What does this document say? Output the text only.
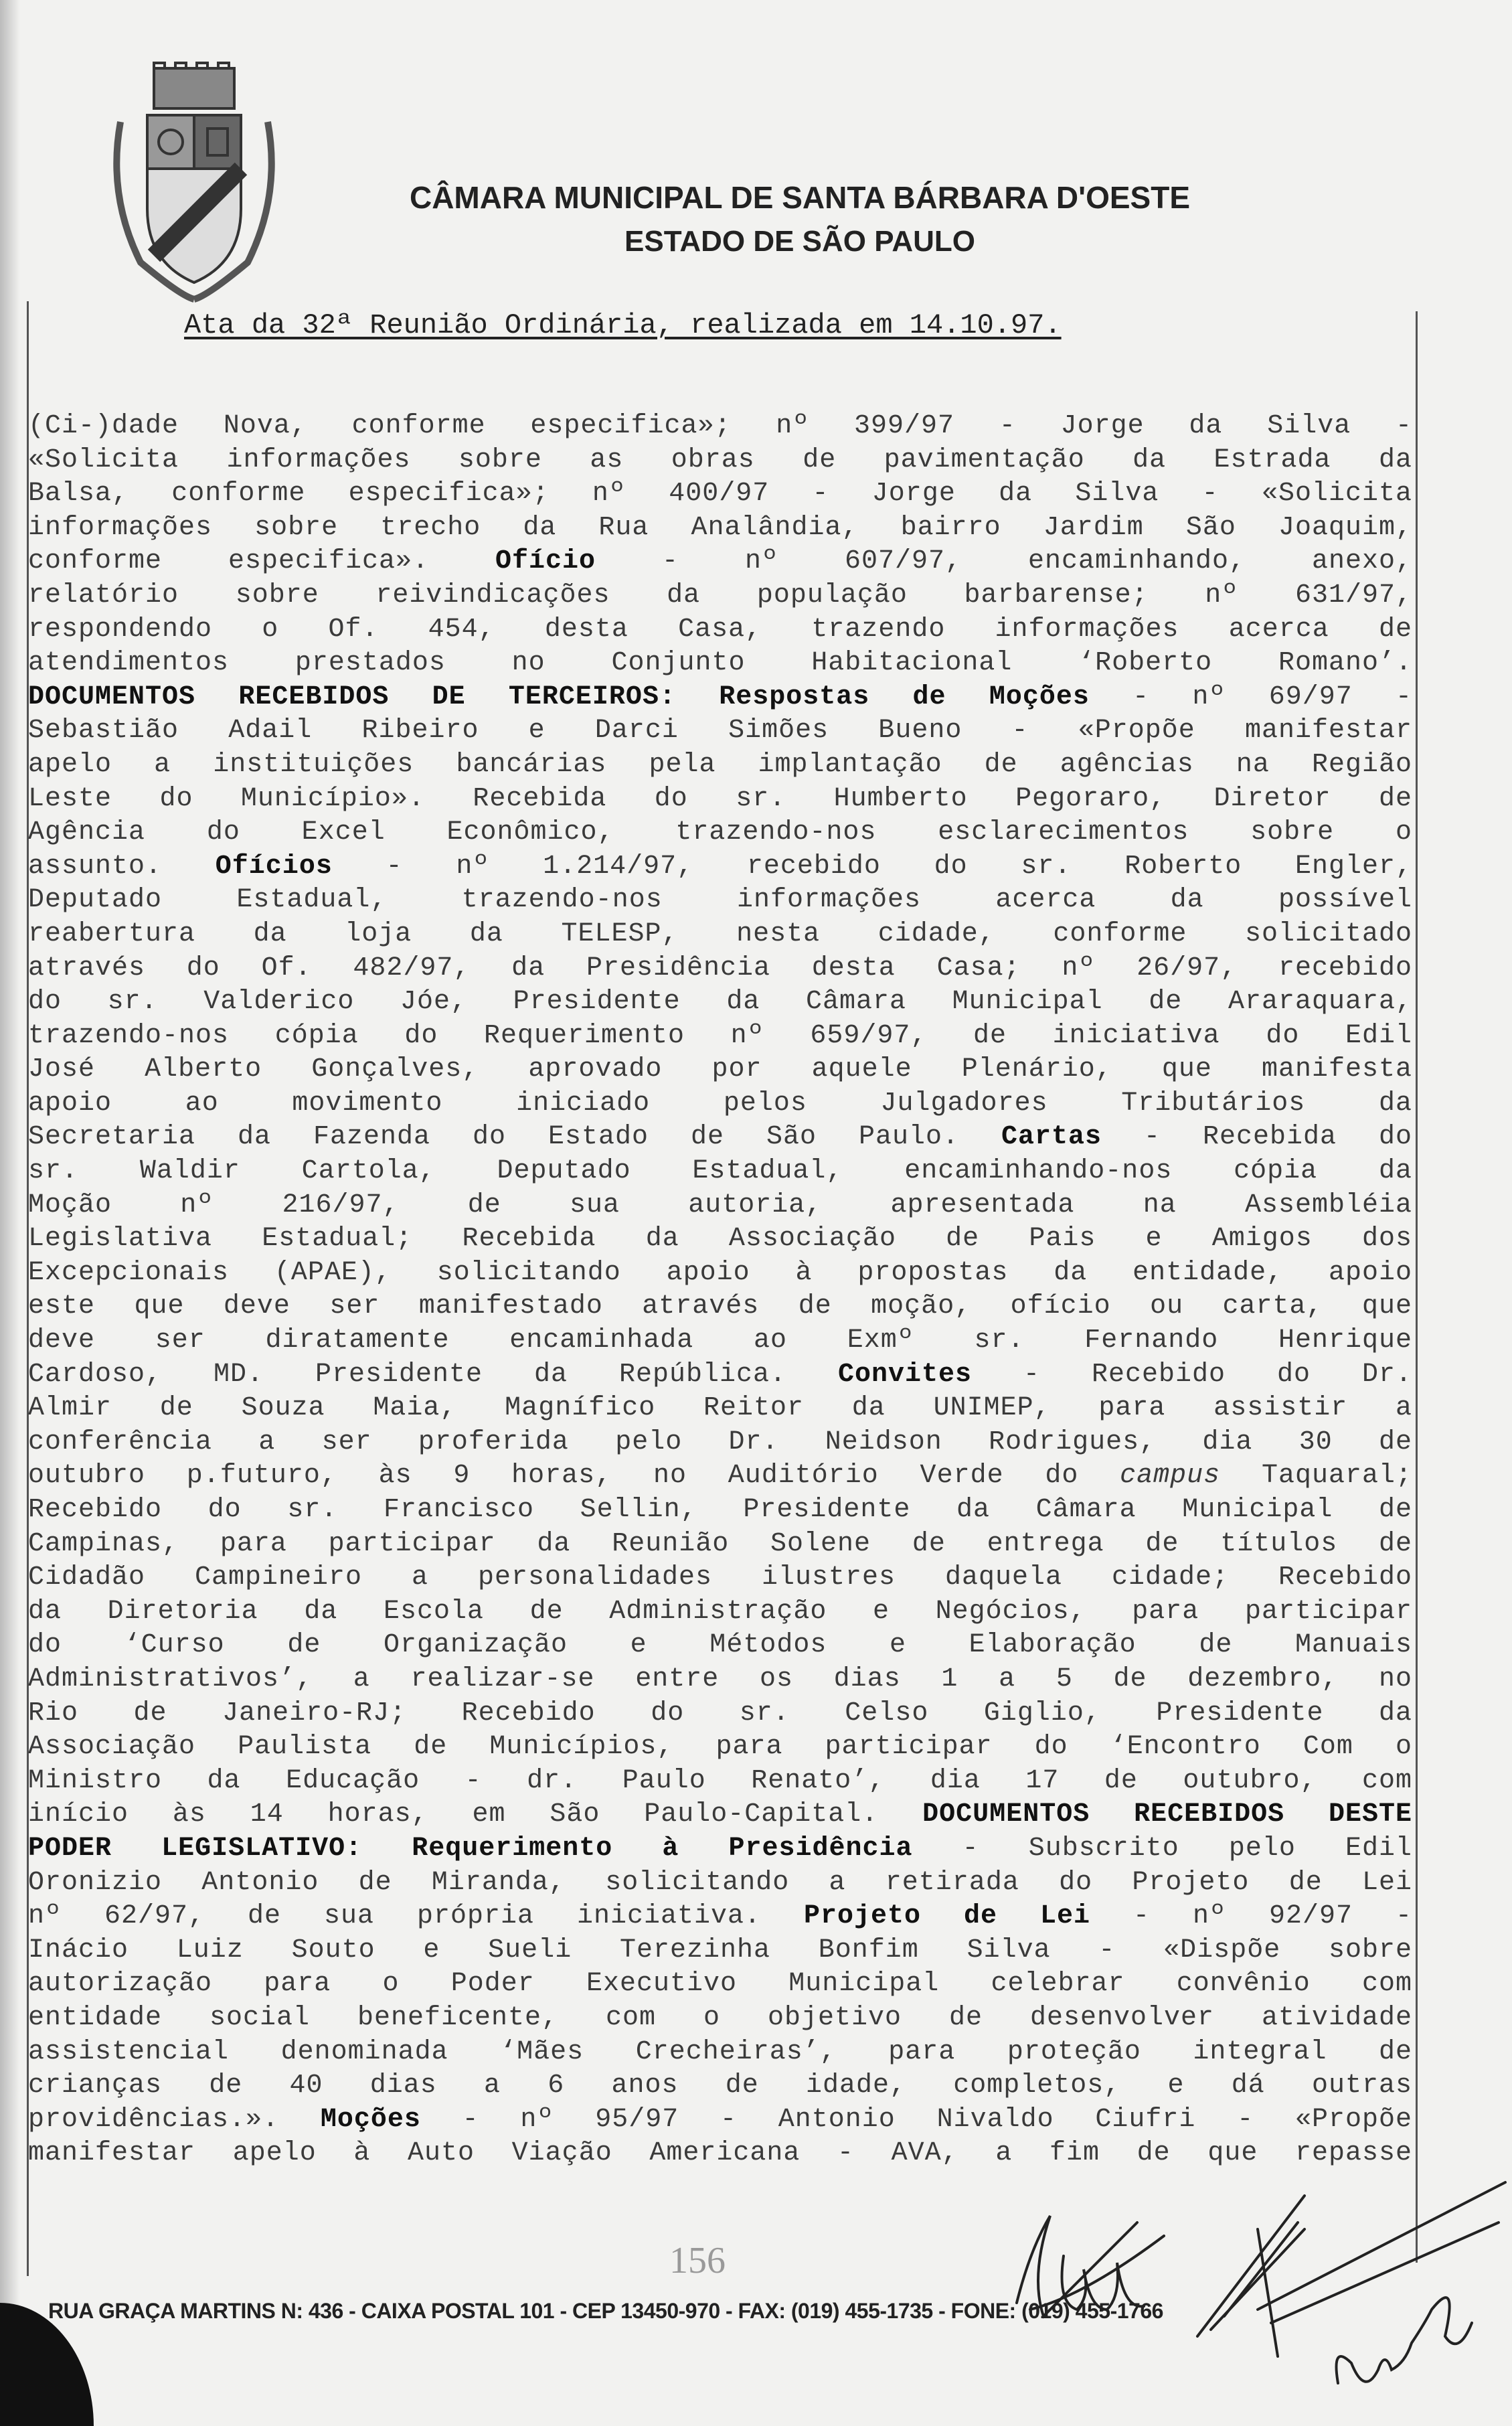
CÂMARA MUNICIPAL DE SANTA BÁRBARA D'OESTE
ESTADO DE SÃO PAULO
Ata da 32ª Reunião Ordinária, realizada em 14.10.97.
(Ci-)dade Nova, conforme especifica»; nº 399/97 - Jorge da Silva -
«Solicita informações sobre as obras de pavimentação da Estrada da
Balsa, conforme especifica»; nº 400/97 - Jorge da Silva - «Solicita
informações sobre trecho da Rua Analândia, bairro Jardim São Joaquim,
conforme especifica». Ofício - nº 607/97, encaminhando, anexo,
relatório sobre reivindicações da população barbarense; nº 631/97,
respondendo o Of. 454, desta Casa, trazendo informações acerca de
atendimentos prestados no Conjunto Habitacional ‘Roberto Romano’.
DOCUMENTOS RECEBIDOS DE TERCEIROS: Respostas de Moções - nº 69/97 -
Sebastião Adail Ribeiro e Darci Simões Bueno - «Propõe manifestar
apelo a instituições bancárias pela implantação de agências na Região
Leste do Município». Recebida do sr. Humberto Pegoraro, Diretor de
Agência do Excel Econômico, trazendo-nos esclarecimentos sobre o
assunto. Ofícios - nº 1.214/97, recebido do sr. Roberto Engler,
Deputado Estadual, trazendo-nos informações acerca da possível
reabertura da loja da TELESP, nesta cidade, conforme solicitado
através do Of. 482/97, da Presidência desta Casa; nº 26/97, recebido
do sr. Valderico Jóe, Presidente da Câmara Municipal de Araraquara,
trazendo-nos cópia do Requerimento nº 659/97, de iniciativa do Edil
José Alberto Gonçalves, aprovado por aquele Plenário, que manifesta
apoio ao movimento iniciado pelos Julgadores Tributários da
Secretaria da Fazenda do Estado de São Paulo. Cartas - Recebida do
sr. Waldir Cartola, Deputado Estadual, encaminhando-nos cópia da
Moção nº 216/97, de sua autoria, apresentada na Assembléia
Legislativa Estadual; Recebida da Associação de Pais e Amigos dos
Excepcionais (APAE), solicitando apoio à propostas da entidade, apoio
este que deve ser manifestado através de moção, ofício ou carta, que
deve ser diratamente encaminhada ao Exmº sr. Fernando Henrique
Cardoso, MD. Presidente da República. Convites - Recebido do Dr.
Almir de Souza Maia, Magnífico Reitor da UNIMEP, para assistir a
conferência a ser proferida pelo Dr. Neidson Rodrigues, dia 30 de
outubro p.futuro, às 9 horas, no Auditório Verde do campus Taquaral;
Recebido do sr. Francisco Sellin, Presidente da Câmara Municipal de
Campinas, para participar da Reunião Solene de entrega de títulos de
Cidadão Campineiro a personalidades ilustres daquela cidade; Recebido
da Diretoria da Escola de Administração e Negócios, para participar
do ‘Curso de Organização e Métodos e Elaboração de Manuais
Administrativos’, a realizar-se entre os dias 1 a 5 de dezembro, no
Rio de Janeiro-RJ; Recebido do sr. Celso Giglio, Presidente da
Associação Paulista de Municípios, para participar do ‘Encontro Com o
Ministro da Educação - dr. Paulo Renato’, dia 17 de outubro, com
início às 14 horas, em São Paulo-Capital. DOCUMENTOS RECEBIDOS DESTE
PODER LEGISLATIVO: Requerimento à Presidência - Subscrito pelo Edil
Oronizio Antonio de Miranda, solicitando a retirada do Projeto de Lei
nº 62/97, de sua própria iniciativa. Projeto de Lei - nº 92/97 -
Inácio Luiz Souto e Sueli Terezinha Bonfim Silva - «Dispõe sobre
autorização para o Poder Executivo Municipal celebrar convênio com
entidade social beneficente, com o objetivo de desenvolver atividade
assistencial denominada ‘Mães Crecheiras’, para proteção integral de
crianças de 40 dias a 6 anos de idade, completos, e dá outras
providências.». Moções - nº 95/97 - Antonio Nivaldo Ciufri - «Propõe
manifestar apelo à Auto Viação Americana - AVA, a fim de que repasse
156
RUA GRAÇA MARTINS N: 436 - CAIXA POSTAL 101 - CEP 13450-970 - FAX: (019) 455-1735 - FONE: (019) 455-1766
